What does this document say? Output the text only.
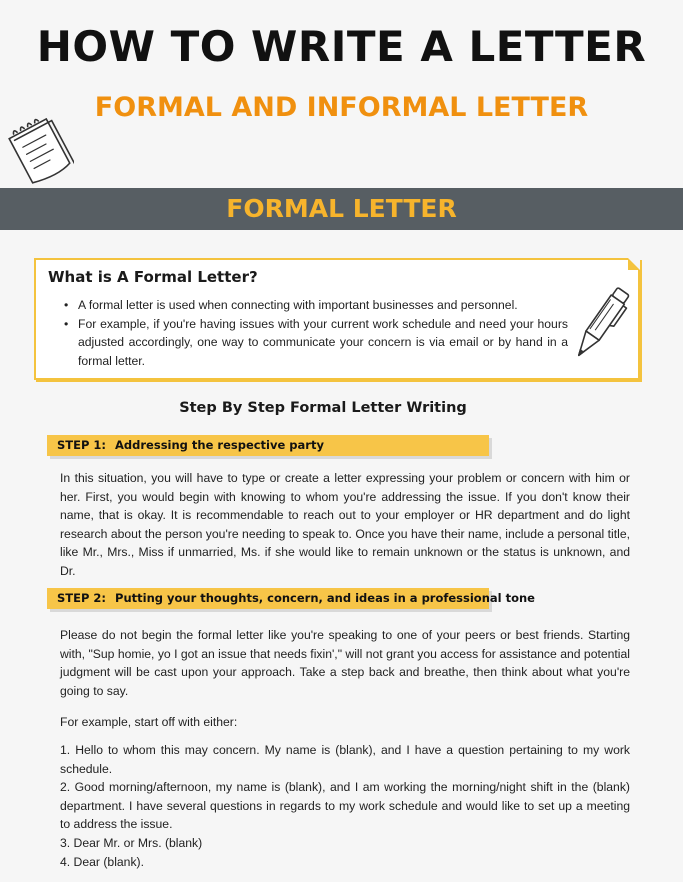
HOW TO WRITE A LETTER
FORMAL AND INFORMAL LETTER
FORMAL LETTER
What is A Formal Letter?
• A formal letter is used when connecting with important businesses and personnel.
• For example, if you're having issues with your current work schedule and need your hours adjusted accordingly, one way to communicate your concern is via email or by hand in a formal letter.
Step By Step Formal Letter Writing
STEP 1: Addressing the respective party

In this situation, you will have to type or create a letter expressing your problem or concern with him or her. First, you would begin with knowing to whom you're addressing the issue. If you don't know their name, that is okay. It is recommendable to reach out to your employer or HR department and do light research about the person you're needing to speak to. Once you have their name, include a personal title, like Mr., Mrs., Miss if unmarried, Ms. if she would like to remain unknown or the status is unknown, and Dr.

STEP 2: Putting your thoughts, concern, and ideas in a professional tone

Please do not begin the formal letter like you're speaking to one of your peers or best friends. Starting with, "Sup homie, yo I got an issue that needs fixin'," will not grant you access for assistance and potential judgment will be cast upon your approach. Take a step back and breathe, then think about what you're going to say.

For example, start off with either:

1. Hello to whom this may concern. My name is (blank), and I have a question pertaining to my work schedule.
2. Good morning/afternoon, my name is (blank), and I am working the morning/night shift in the (blank) department. I have several questions in regards to my work schedule and would like to set up a meeting to address the issue.
3. Dear Mr. or Mrs. (blank)
4. Dear (blank).
